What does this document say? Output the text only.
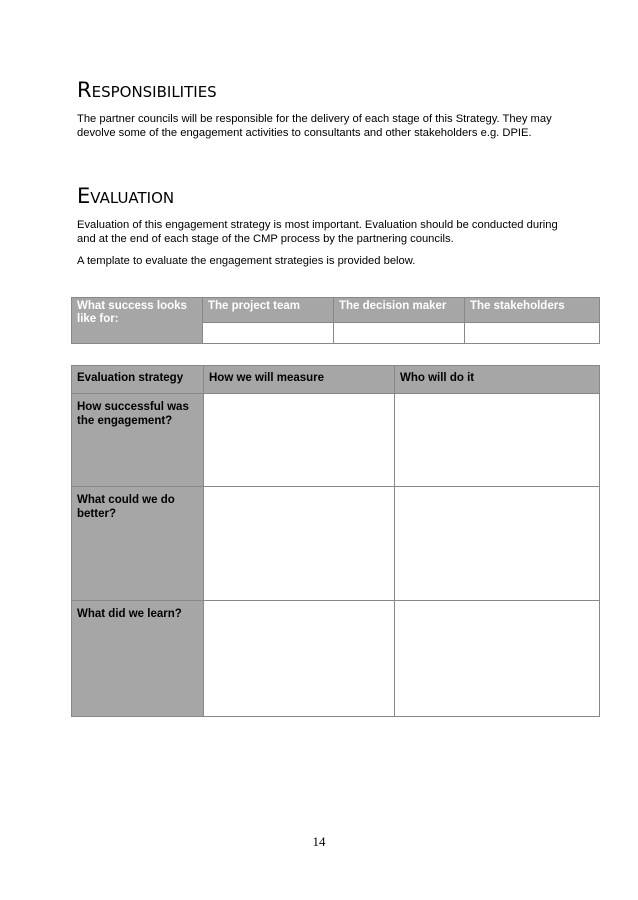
Responsibilities

The partner councils will be responsible for the delivery of each stage of this Strategy. They may devolve some of the engagement activities to consultants and other stakeholders e.g. DPIE.

Evaluation

Evaluation of this engagement strategy is most important. Evaluation should be conducted during and at the end of each stage of the CMP process by the partnering councils.

A template to evaluate the engagement strategies is provided below.

What success looks like for:	The project team	The decision maker	The stakeholders

Evaluation strategy	How we will measure	Who will do it
How successful was the engagement?		
What could we do better?		
What did we learn?		
14
